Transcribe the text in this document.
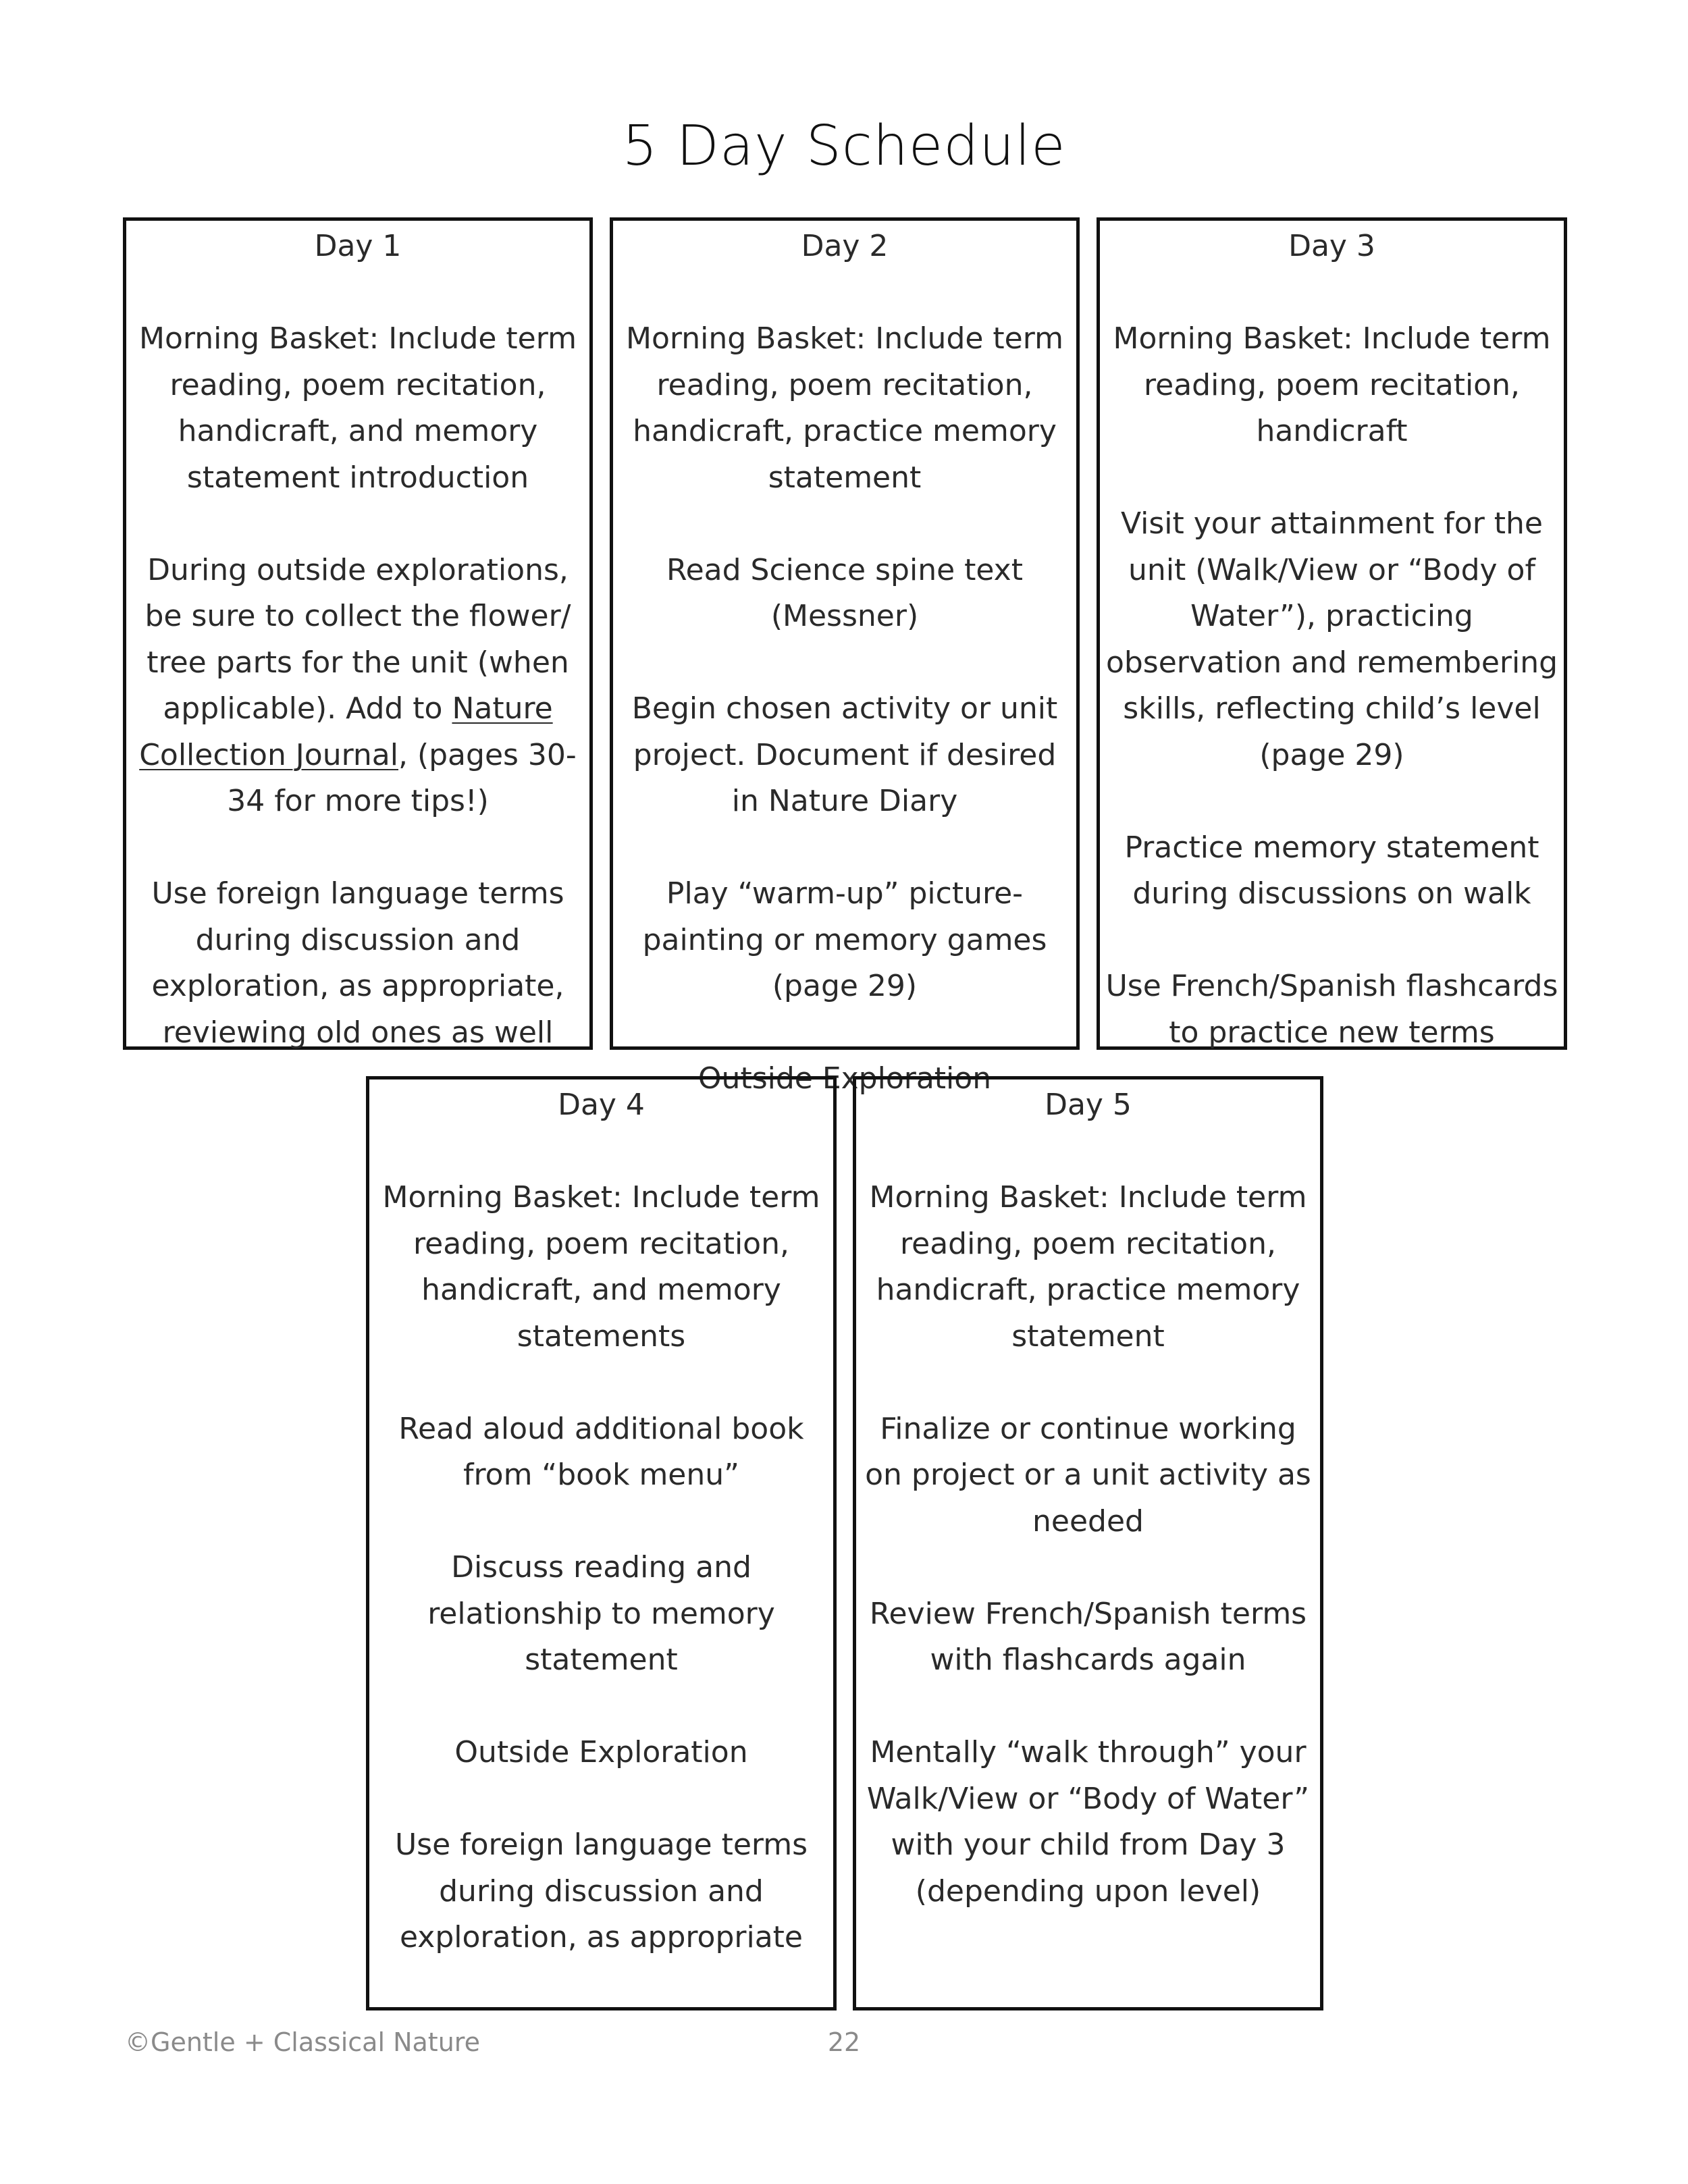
5 Day Schedule
Day 1
Morning Basket: Include term reading, poem recitation, handicraft, and memory statement introduction
During outside explorations, be sure to collect the flower/ tree parts for the unit (when applicable). Add to Nature Collection Journal, (pages 30-34 for more tips!)
Use foreign language terms during discussion and exploration, as appropriate, reviewing old ones as well
Day 2
Morning Basket: Include term reading, poem recitation, handicraft, practice memory statement
Read Science spine text (Messner)
Begin chosen activity or unit project. Document if desired in Nature Diary
Play “warm-up” picture-painting or memory games (page 29)
Outside Exploration
Day 3
Morning Basket: Include term reading, poem recitation, handicraft
Visit your attainment for the unit (Walk/View or “Body of Water”), practicing observation and remembering skills, reflecting child’s level (page 29)
Practice memory statement during discussions on walk
Use French/Spanish flashcards to practice new terms
Day 4
Morning Basket: Include term reading, poem recitation, handicraft, and memory statements
Read aloud additional book from “book menu”
Discuss reading and relationship to memory statement
Outside Exploration
Use foreign language terms during discussion and exploration, as appropriate
Day 5
Morning Basket: Include term reading, poem recitation, handicraft, practice memory statement
Finalize or continue working on project or a unit activity as needed
Review French/Spanish terms with flashcards again
Mentally “walk through” your Walk/View or “Body of Water” with your child from Day 3 (depending upon level)
©Gentle + Classical Nature	22
